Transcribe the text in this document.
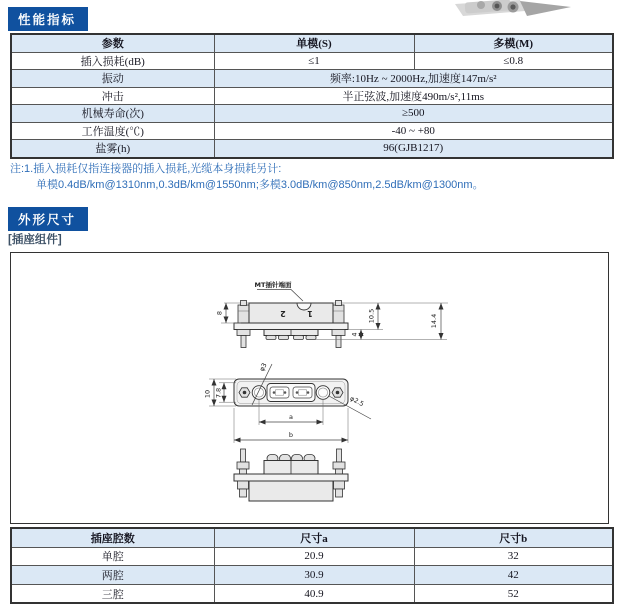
性能指标
参数	单模(S)	多模(M)
插入损耗(dB)	≤1	≤0.8
振动	频率:10Hz ~ 2000Hz,加速度147m/s²	
冲击	半正弦波,加速度490m/s²,11ms	
机械寿命(次)	≥500	
工作温度(℃)	-40 ~ +80	
盐雾(h)	96(GJB1217)	
注:1.插入损耗仅指连接器的插入损耗,光缆本身损耗另计:
单模0.4dB/km@1310nm,0.3dB/km@1550nm;多模3.0dB/km@850nm,2.5dB/km@1300nm。
外形尺寸
[插座组件]
2	1
MT插针端面
8	10.5
4
14.4
10 7.8
φ3
φ2.5
a
b
插座腔数	尺寸a	尺寸b
单腔	20.9	32
两腔	30.9	42
三腔	40.9	52
